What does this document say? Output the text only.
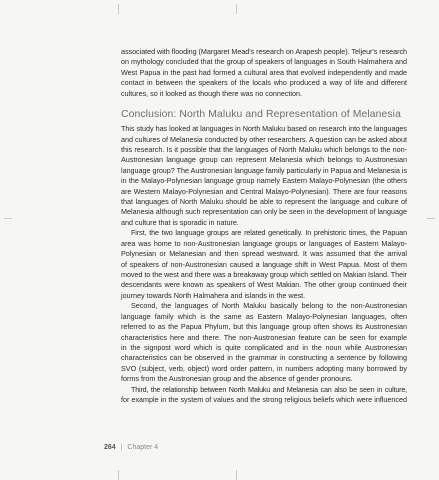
associated with flooding (Margaret Mead's research on Arapesh people). Teljeur's research
on mythology concluded that the group of speakers of languages in South Halmahera and
West Papua in the past had formed a cultural area that evolved independently and made
contact in between the speakers of the locals who produced a way of life and different
cultures, so it looked as though there was no connection.

Conclusion: North Maluku and Representation of Melanesia

This study has looked at languages in North Maluku based on research into the languages
and cultures of Melanesia conducted by other researchers. A question can be asked about
this research. Is it possible that the languages of North Maluku which belongs to the non-
Austronesian language group can represent Melanesia which belongs to Austronesian
language group? The Austronesian language family particularly in Papua and Melanesia is
in the Malayo-Polynesian language group namely Eastern Malayo-Polynesian (the others
are Western Malayo-Polynesian and Central Malayo-Polynesian). There are four reasons
that languages of North Maluku should be able to represent the language and culture of
Melanesia although such representation can only be seen in the development of language
and culture that is sporadic in nature.

First, the two language groups are related genetically. In prehistoric times, the Papuan
area was home to non-Austronesian language groups or languages of Eastern Malayo-
Polynesian or Melanesian and then spread westward. It was assumed that the arrival
of speakers of non-Austronesian caused a language shift in West Papua. Most of them
moved to the west and there was a breakaway group which settled on Makian Island. Their
descendants were known as speakers of West Makian. The other group continued their
journey towards North Halmahera and islands in the west.

Second, the languages of North Maluku basically belong to the non-Austronesian
language family which is the same as Eastern Malayo-Polynesian languages, often
referred to as the Papua Phylum, but this language group often shows its Austronesian
characteristics here and there. The non-Austronesian feature can be seen for example
in the signpost word which is quite complicated and in the noun while Austronesian
characteristics can be observed in the grammar in constructing a sentence by following
SVO (subject, verb, object) word order pattern, in numbers adopting many borrowed by
forms from the Austronesian group and the absence of gender pronouns.

Third, the relationship between North Maluku and Melanesia can also be seen in culture,
for example in the system of values and the strong religious beliefs which were influenced

264 | Chapter 4
